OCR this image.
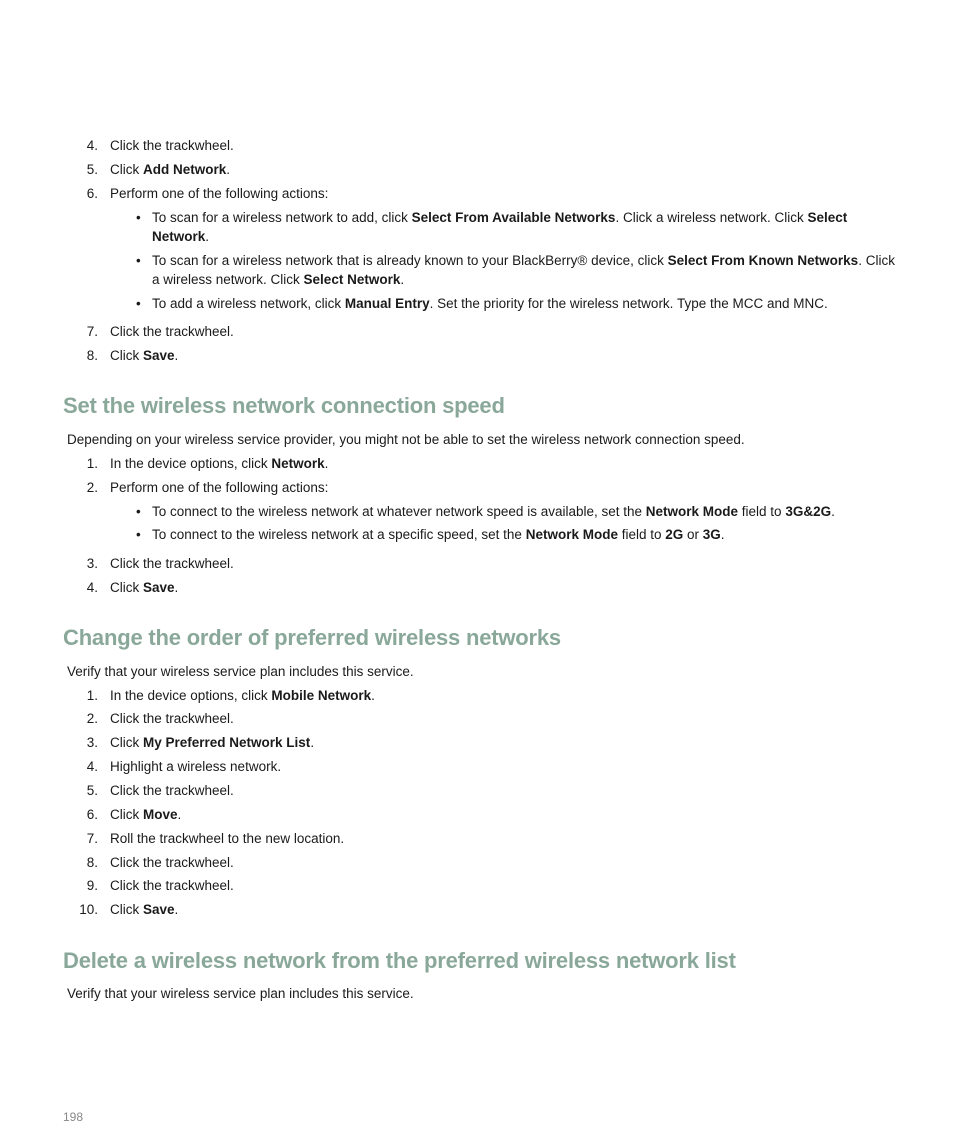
4. Click the trackwheel.
5. Click Add Network.
6. Perform one of the following actions:
• To scan for a wireless network to add, click Select From Available Networks. Click a wireless network. Click Select
Network.
• To scan for a wireless network that is already known to your BlackBerry® device, click Select From Known Networks. Click
a wireless network. Click Select Network.
• To add a wireless network, click Manual Entry. Set the priority for the wireless network. Type the MCC and MNC.
7. Click the trackwheel.
8. Click Save.
Set the wireless network connection speed
Depending on your wireless service provider, you might not be able to set the wireless network connection speed.
1. In the device options, click Network.
2. Perform one of the following actions:
• To connect to the wireless network at whatever network speed is available, set the Network Mode field to 3G&2G.
• To connect to the wireless network at a specific speed, set the Network Mode field to 2G or 3G.
3. Click the trackwheel.
4. Click Save.
Change the order of preferred wireless networks
Verify that your wireless service plan includes this service.
1. In the device options, click Mobile Network.
2. Click the trackwheel.
3. Click My Preferred Network List.
4. Highlight a wireless network.
5. Click the trackwheel.
6. Click Move.
7. Roll the trackwheel to the new location.
8. Click the trackwheel.
9. Click the trackwheel.
10. Click Save.
Delete a wireless network from the preferred wireless network list
Verify that your wireless service plan includes this service.
198
